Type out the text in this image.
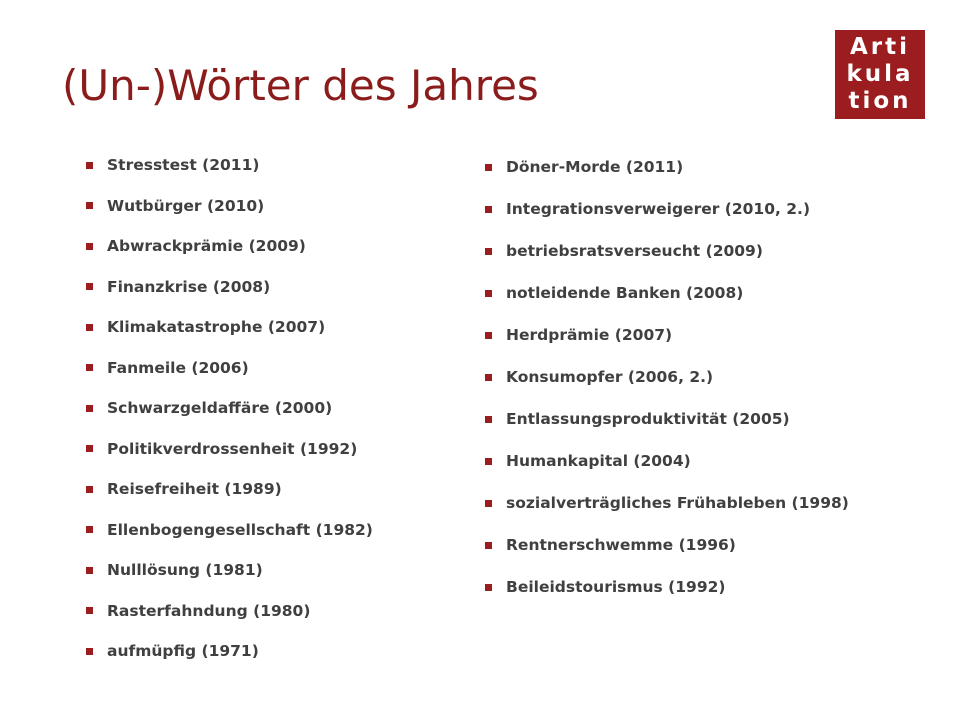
(Un-)Wörter des Jahres
Arti
kula
tion
Stresstest (2011)
Wutbürger (2010)
Abwrackprämie (2009)
Finanzkrise (2008)
Klimakatastrophe (2007)
Fanmeile (2006)
Schwarzgeldaffäre (2000)
Politikverdrossenheit (1992)
Reisefreiheit (1989)
Ellenbogengesellschaft (1982)
Nulllösung (1981)
Rasterfahndung (1980)
aufmüpfig (1971)
Döner-Morde (2011)
Integrationsverweigerer (2010, 2.)
betriebsratsverseucht (2009)
notleidende Banken (2008)
Herdprämie (2007)
Konsumopfer (2006, 2.)
Entlassungsproduktivität (2005)
Humankapital (2004)
sozialverträgliches Frühableben (1998)
Rentnerschwemme (1996)
Beileidstourismus (1992)
